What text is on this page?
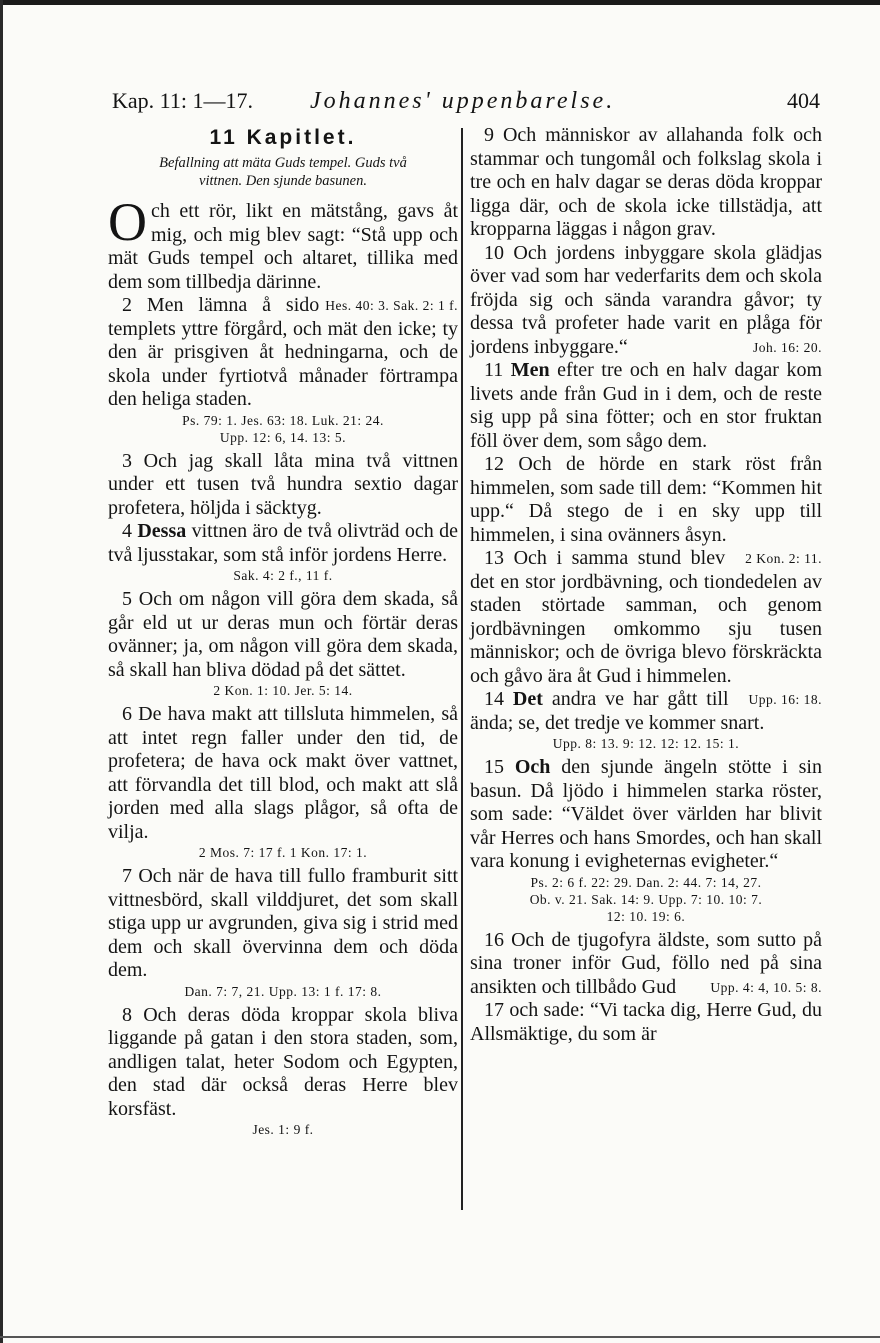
Kap. 11: 1—17. Johannes' uppenbarelse.	404
11 Kapitlet.
Befallning att mäta Guds tempel. Guds två
vittnen. Den sjunde basunen.

Och ett rör, likt en mätstång, gavs åt mig, och mig blev sagt: “Stå upp och mät Guds tempel och altaret, tillika med dem som tillbedja därinne.
Hes. 40: 3. Sak. 2: 1 f.

2 Men lämna å sido templets yttre förgård, och mät den icke; ty den är prisgiven åt hedningarna, och de skola under fyrtiotvå månader förtrampa den heliga staden.

Ps. 79: 1. Jes. 63: 18. Luk. 21: 24.
Upp. 12: 6, 14. 13: 5.

3 Och jag skall låta mina två vittnen under ett tusen två hundra sextio dagar profetera, höljda i säcktyg.

4 Dessa vittnen äro de två olivträd och de två ljusstakar, som stå inför jordens Herre.

Sak. 4: 2 f., 11 f.

5 Och om någon vill göra dem skada, så går eld ut ur deras mun och förtär deras ovänner; ja, om någon vill göra dem skada, så skall han bliva dödad på det sättet.

2 Kon. 1: 10. Jer. 5: 14.

6 De hava makt att tillsluta himmelen, så att intet regn faller under den tid, de profetera; de hava ock makt över vattnet, att förvandla det till blod, och makt att slå jorden med alla slags plågor, så ofta de vilja.

2 Mos. 7: 17 f. 1 Kon. 17: 1.

7 Och när de hava till fullo framburit sitt vittnesbörd, skall vilddjuret, det som skall stiga upp ur avgrunden, giva sig i strid med dem och skall övervinna dem och döda dem.

Dan. 7: 7, 21. Upp. 13: 1 f. 17: 8.

8 Och deras döda kroppar skola bliva liggande på gatan i den stora staden, som, andligen talat, heter Sodom och Egypten, den stad där också deras Herre blev korsfäst.

Jes. 1: 9 f.

9 Och människor av allahanda folk och stammar och tungomål och folkslag skola i tre och en halv dagar se deras döda kroppar ligga där, och de skola icke tillstädja, att kropparna läggas i någon grav.

10 Och jordens inbyggare skola glädjas över vad som har vederfarits dem och skola fröjda sig och sända varandra gåvor; ty dessa två profeter hade varit en plåga för jordens inbyggare.“	Joh. 16: 20.

11 Men efter tre och en halv dagar kom livets ande från Gud in i dem, och de reste sig upp på sina fötter; och en stor fruktan föll över dem, som sågo dem.

12 Och de hörde en stark röst från himmelen, som sade till dem: “Kommen hit upp.“ Då stego de i en sky upp till himmelen, i sina ovänners åsyn.
2 Kon. 2: 11.

13 Och i samma stund blev det en stor jordbävning, och tiondedelen av staden störtade samman, och genom jordbävningen omkommo sju tusen människor; och de övriga blevo förskräckta och gåvo ära åt Gud i himmelen.
Upp. 16: 18.

14 Det andra ve har gått till ända; se, det tredje ve kommer snart.

Upp. 8: 13. 9: 12. 12: 12. 15: 1.

15 Och den sjunde ängeln stötte i sin basun. Då ljödo i himmelen starka röster, som sade: “Väldet över världen har blivit vår Herres och hans Smordes, och han skall vara konung i evigheternas evigheter.“

Ps. 2: 6 f. 22: 29. Dan. 2: 44. 7: 14, 27.
Ob. v. 21. Sak. 14: 9. Upp. 7: 10. 10: 7.
12: 10. 19: 6.

16 Och de tjugofyra äldste, som sutto på sina troner inför Gud, föllo ned på sina ansikten och tillbådo Gud	Upp. 4: 4, 10. 5: 8.

17 och sade: “Vi tacka dig, Herre Gud, du Allsmäktige, du som är
